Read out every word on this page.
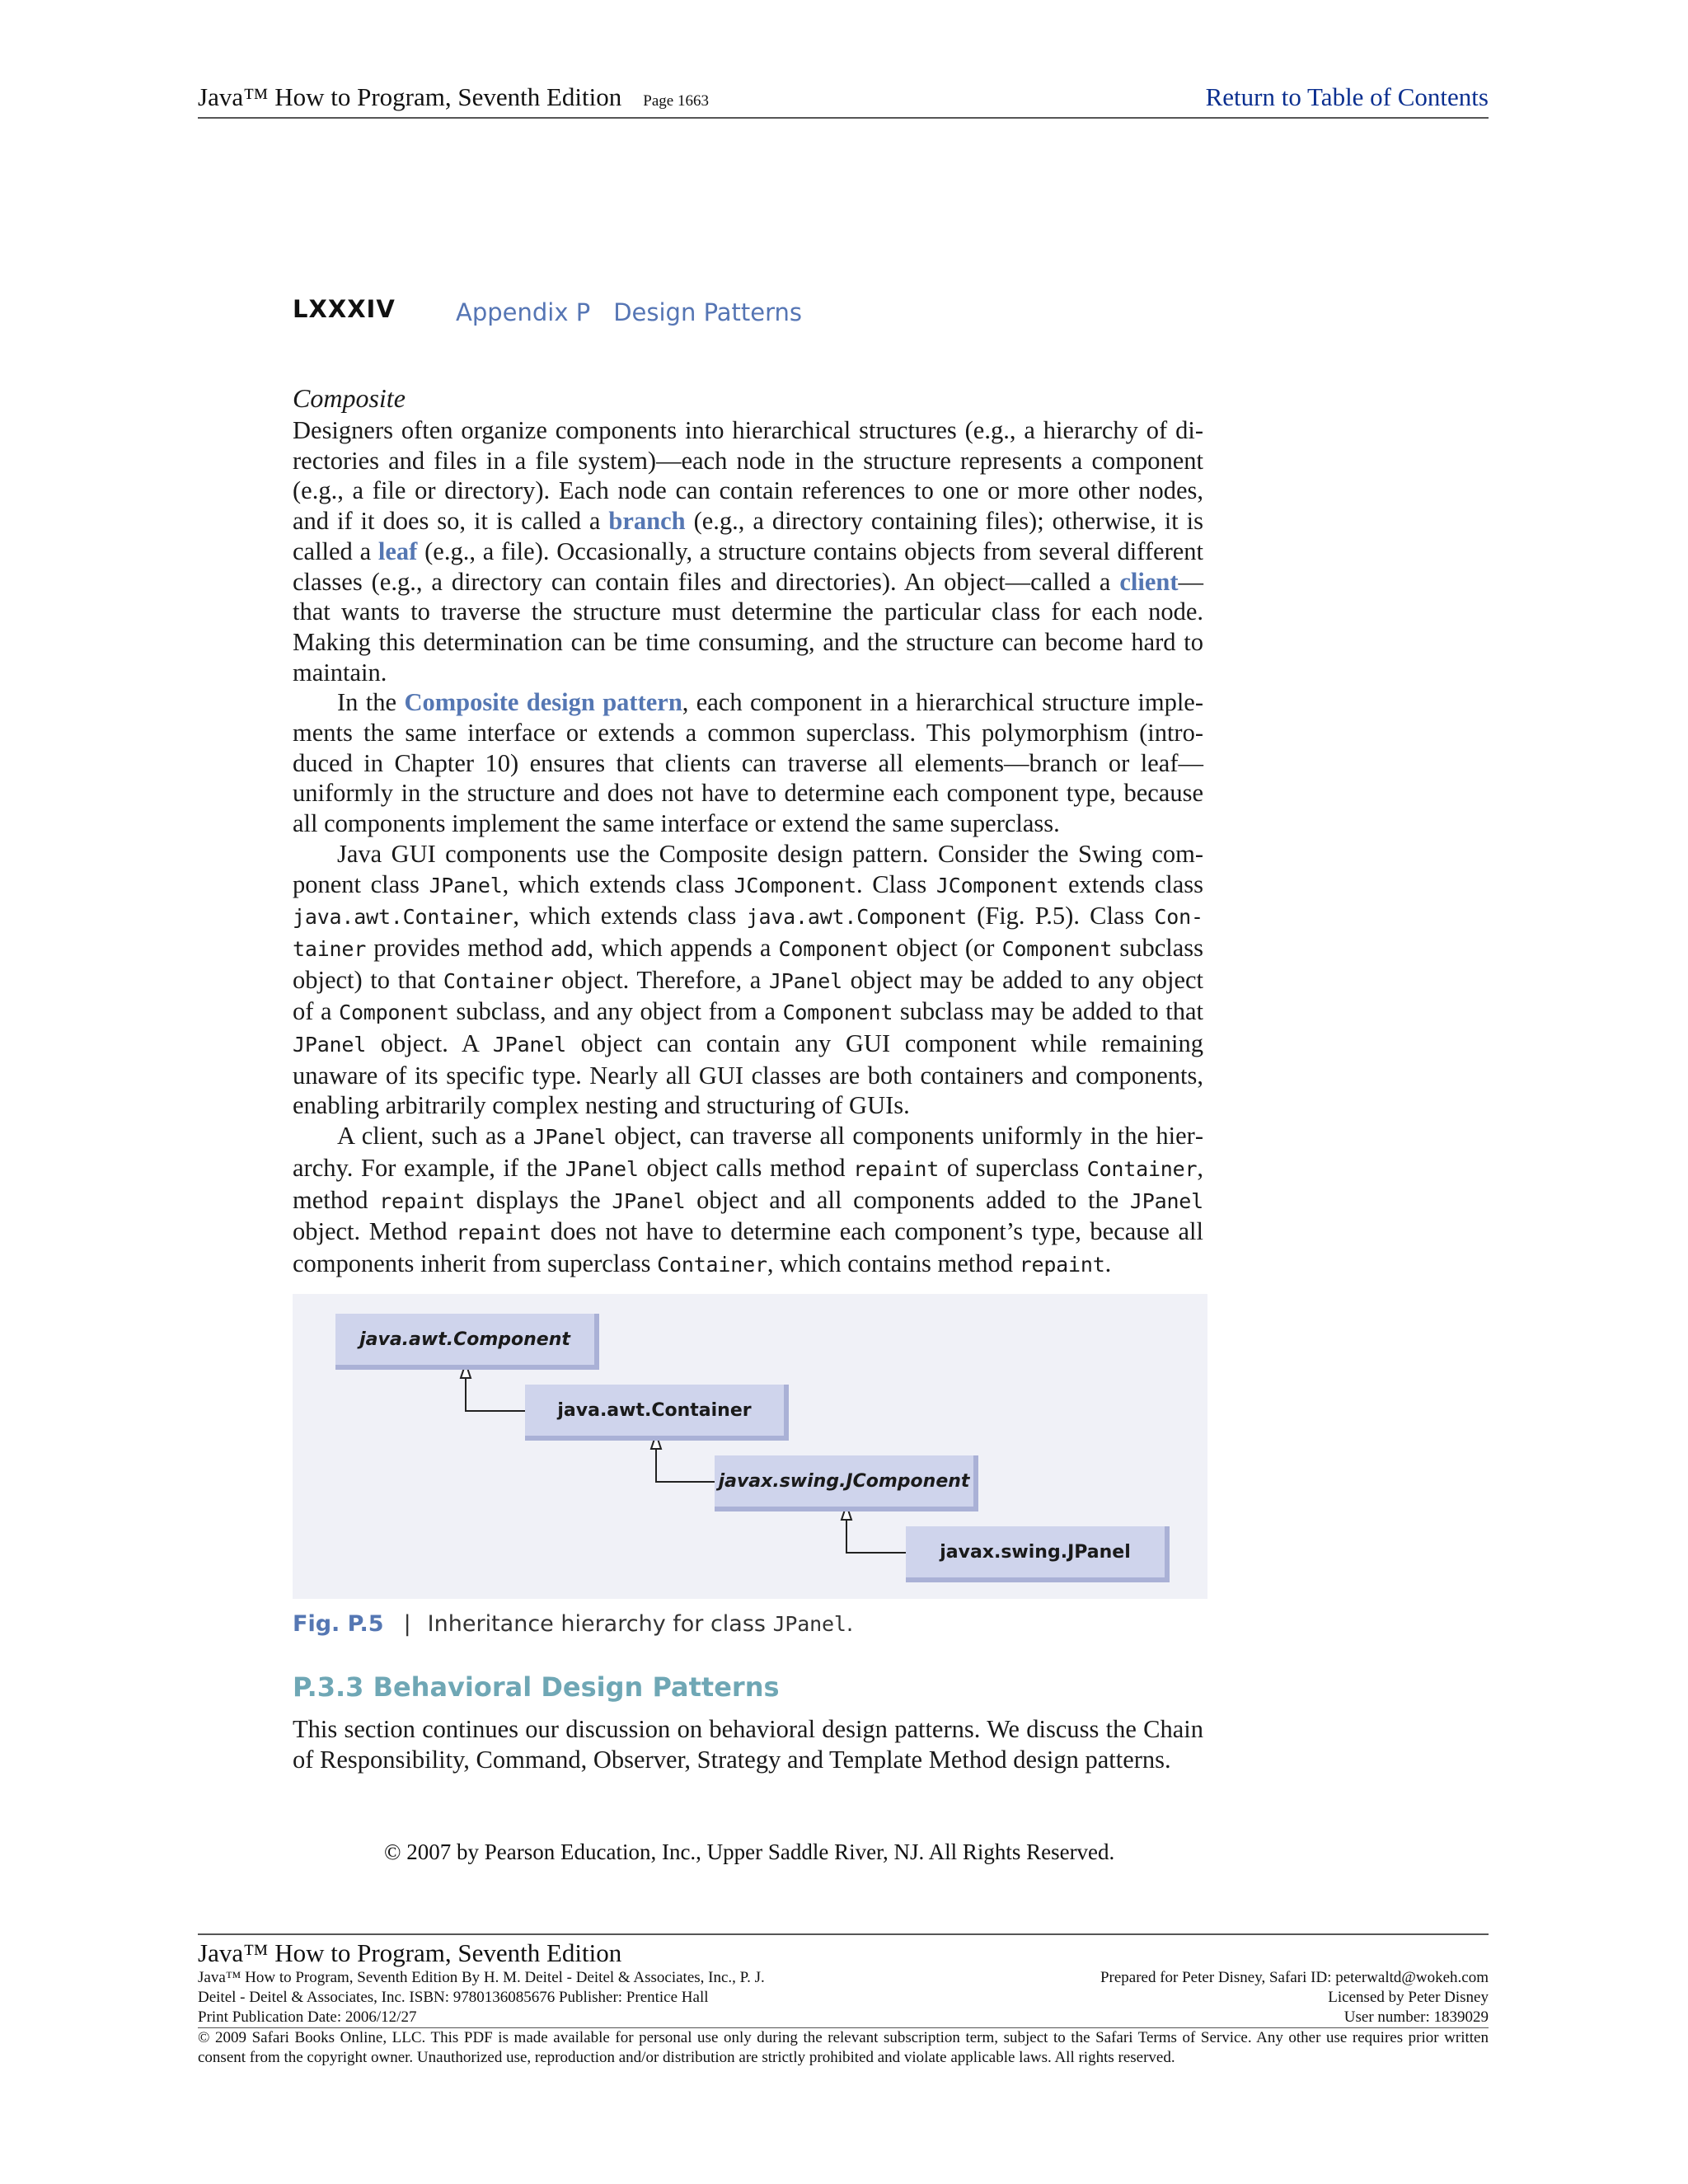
Java™ How to Program, Seventh Edition Page 1663	Return to Table of Contents
LXXXIV	Appendix P Design Patterns
Composite

Designers often organize components into hierarchical structures (e.g., a hierarchy of directories and files in a file system)—each node in the structure represents a component (e.g., a file or directory). Each node can contain references to one or more other nodes, and if it does so, it is called a branch (e.g., a directory containing files); otherwise, it is called a leaf (e.g., a file). Occasionally, a structure contains objects from several different classes (e.g., a directory can contain files and directories). An object—called a client—that wants to traverse the structure must determine the particular class for each node. Making this determination can be time consuming, and the structure can become hard to maintain.

In the Composite design pattern, each component in a hierarchical structure implements the same interface or extends a common superclass. This polymorphism (introduced in Chapter 10) ensures that clients can traverse all elements—branch or leaf—uniformly in the structure and does not have to determine each component type, because all components implement the same interface or extend the same superclass.

Java GUI components use the Composite design pattern. Consider the Swing component class JPanel, which extends class JComponent. Class JComponent extends class java.awt.Container, which extends class java.awt.Component (Fig. P.5). Class Container provides method add, which appends a Component object (or Component subclass object) to that Container object. Therefore, a JPanel object may be added to any object of a Component subclass, and any object from a Component subclass may be added to that JPanel object. A JPanel object can contain any GUI component while remaining unaware of its specific type. Nearly all GUI classes are both containers and components, enabling arbitrarily complex nesting and structuring of GUIs.

A client, such as a JPanel object, can traverse all components uniformly in the hierarchy. For example, if the JPanel object calls method repaint of superclass Container, method repaint displays the JPanel object and all components added to the JPanel object. Method repaint does not have to determine each component’s type, because all components inherit from superclass Container, which contains method repaint.

java.awt.Component
java.awt.Container
javax.swing.JComponent
javax.swing.JPanel
Fig. P.5 | Inheritance hierarchy for class JPanel.
P.3.3 Behavioral Design Patterns

This section continues our discussion on behavioral design patterns. We discuss the Chain of Responsibility, Command, Observer, Strategy and Template Method design patterns.

© 2007 by Pearson Education, Inc., Upper Saddle River, NJ. All Rights Reserved.
Java™ How to Program, Seventh Edition
Java™ How to Program, Seventh Edition By H. M. Deitel - Deitel & Associates, Inc., P. J.	Prepared for Peter Disney, Safari ID: peterwaltd@wokeh.com
Deitel - Deitel & Associates, Inc. ISBN: 9780136085676 Publisher: Prentice Hall	Licensed by Peter Disney
Print Publication Date: 2006/12/27	User number: 1839029
© 2009 Safari Books Online, LLC. This PDF is made available for personal use only during the relevant subscription term, subject to the Safari Terms of Service. Any other use requires prior written consent from the copyright owner. Unauthorized use, reproduction and/or distribution are strictly prohibited and violate applicable laws. All rights reserved.
